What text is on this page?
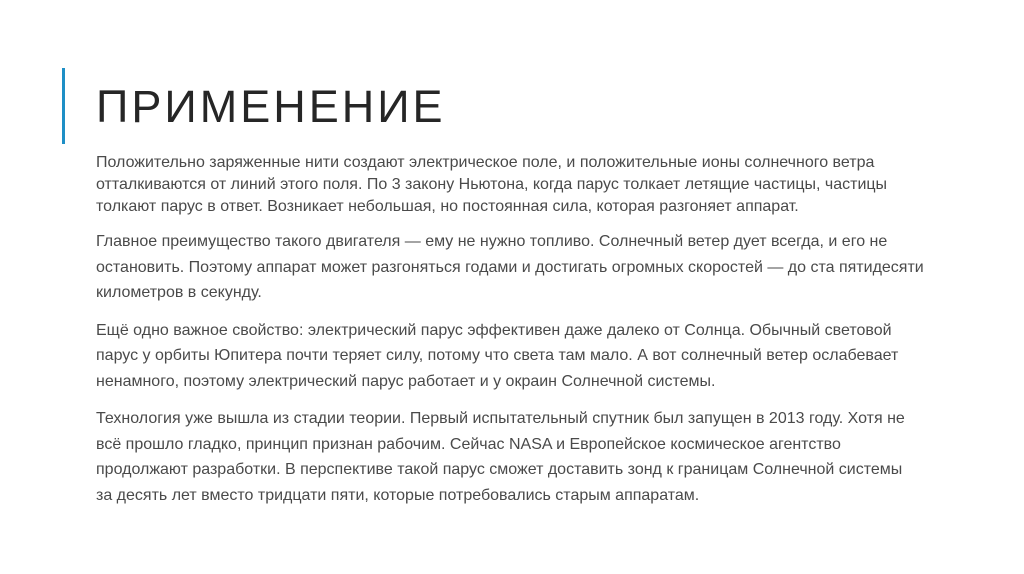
ПРИМЕНЕНИЕ

Положительно заряженные нити создают электрическое поле, и положительные ионы солнечного ветра
отталкиваются от линий этого поля. По 3 закону Ньютона, когда парус толкает летящие частицы, частицы
толкают парус в ответ. Возникает небольшая, но постоянная сила, которая разгоняет аппарат.

Главное преимущество такого двигателя — ему не нужно топливо. Солнечный ветер дует всегда, и его не
остановить. Поэтому аппарат может разгоняться годами и достигать огромных скоростей — до ста пятидесяти
километров в секунду.

Ещё одно важное свойство: электрический парус эффективен даже далеко от Солнца. Обычный световой
парус у орбиты Юпитера почти теряет силу, потому что света там мало. А вот солнечный ветер ослабевает
ненамного, поэтому электрический парус работает и у окраин Солнечной системы.

Технология уже вышла из стадии теории. Первый испытательный спутник был запущен в 2013 году. Хотя не
всё прошло гладко, принцип признан рабочим. Сейчас NASA и Европейское космическое агентство
продолжают разработки. В перспективе такой парус сможет доставить зонд к границам Солнечной системы
за десять лет вместо тридцати пяти, которые потребовались старым аппаратам.
